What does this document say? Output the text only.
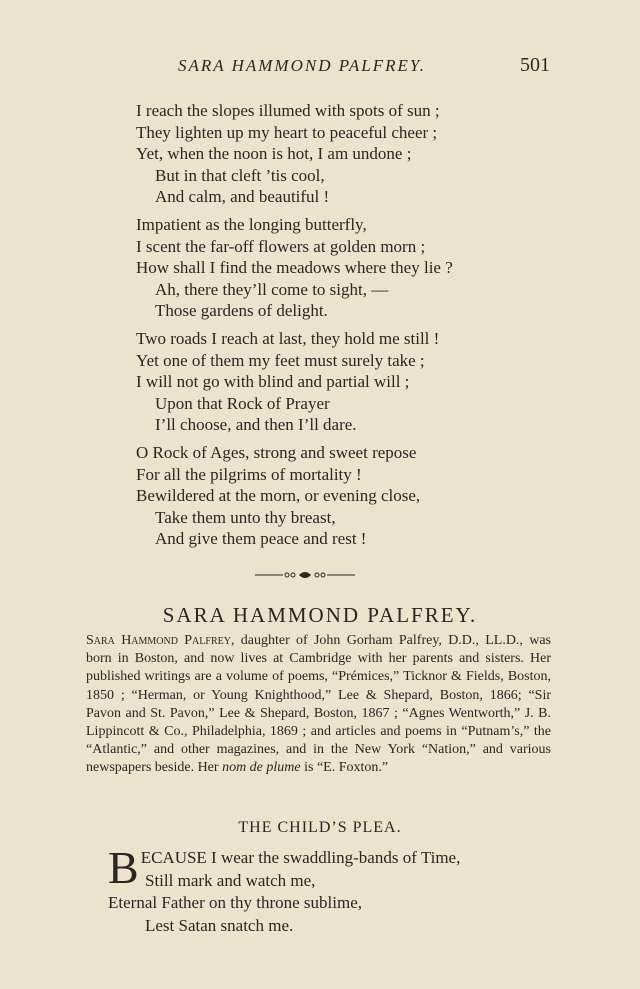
SARA HAMMOND PALFREY.	501
I reach the slopes illumed with spots of sun ;
They lighten up my heart to peaceful cheer ;
Yet, when the noon is hot, I am undone ;
But in that cleft ’tis cool,
And calm, and beautiful !
Impatient as the longing butterfly,
I scent the far-off flowers at golden morn ;
How shall I find the meadows where they lie ?
Ah, there they’ll come to sight, —
Those gardens of delight.
Two roads I reach at last, they hold me still !
Yet one of them my feet must surely take ;
I will not go with blind and partial will ;
Upon that Rock of Prayer
I’ll choose, and then I’ll dare.
O Rock of Ages, strong and sweet repose
For all the pilgrims of mortality !
Bewildered at the morn, or evening close,
Take them unto thy breast,
And give them peace and rest !
SARA HAMMOND PALFREY.
Sara Hammond Palfrey, daughter of John Gorham Palfrey, D.D., LL.D., was born in Boston, and now lives at Cambridge with her parents and sisters. Her published writings are a volume of poems, “Prémices,” Ticknor & Fields, Boston, 1850 ; “Herman, or Young Knighthood,” Lee & Shepard, Boston, 1866; “Sir Pavon and St. Pavon,” Lee & Shepard, Boston, 1867 ; “Agnes Wentworth,” J. B. Lippincott & Co., Philadelphia, 1869 ; and articles and poems in “Putnam’s,” the “Atlantic,” and other magazines, and in the New York “Nation,” and various newspapers beside. Her nom de plume is “E. Foxton.”
THE CHILD’S PLEA.
BECAUSE I wear the swaddling-bands of Time,
Still mark and watch me,
Eternal Father on thy throne sublime,
Lest Satan snatch me.
